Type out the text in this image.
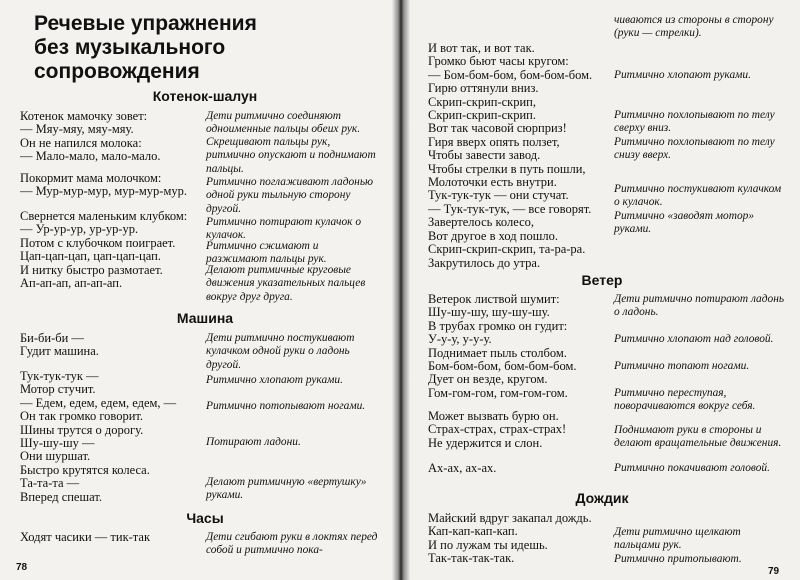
Речевые упражнения
без музыкального
сопровождения
Котенок-шалун
Котенок мамочку зовет:
— Мяу-мяу, мяу-мяу.
Он не напился молока:
— Мало-мало, мало-мало.
Дети ритмично соединяют одноименные пальцы обеих рук.
Скрещивают пальцы рук, ритмично опускают и поднимают пальцы.
Покормит мама молочком:
— Мур-мур-мур, мур-мур-мур.
Ритмично поглаживают ладонью одной руки тыльную сторону другой.
Свернется маленьким клубком:
— Ур-ур-ур, ур-ур-ур.
Потом с клубочком поиграет.
Цап-цап-цап, цап-цап-цап.
И нитку быстро размотает.
Ап-ап-ап, ап-ап-ап.
Ритмично потирают кулачок о кулачок.
Ритмично сжимают и разжимают пальцы рук.
Делают ритмичные круговые движения указательных пальцев вокруг друг друга.
Машина
Би-би-би —
Гудит машина.
Дети ритмично постукивают кулачком одной руки о ладонь другой.
Тук-тук-тук —
Мотор стучит.
— Едем, едем, едем, едем, —
Он так громко говорит.
Шины трутся о дорогу.
Шу-шу-шу —
Они шуршат.
Быстро крутятся колеса.
Та-та-та —
Вперед спешат.
Ритмично хлопают руками.
Ритмично потопывают ногами.
Потирают ладони.
Делают ритмичную «вертушку» руками.
Часы
Ходят часики — тик-так	Дети сгибают руки в локтях перед собой и ритмично пока-
78
чиваются из стороны в сторону (руки — стрелки).
И вот так, и вот так.
Громко бьют часы кругом:
— Бом-бом-бом, бом-бом-бом.
Гирю оттянули вниз.
Скрип-скрип-скрип,
Скрип-скрип-скрип.
Вот так часовой сюрприз!
Гиря вверх опять ползет,
Чтобы завести завод.
Чтобы стрелки в путь пошли,
Молоточки есть внутри.
Тук-тук-тук — они стучат.
— Тук-тук-тук, — все говорят.
Завертелось колесо,
Вот другое в ход пошло.
Скрип-скрип-скрип, та-ра-ра.
Закрутилось до утра.
Ритмично хлопают руками.
Ритмично похлопывают по телу сверху вниз.
Ритмично похлопывают по телу снизу вверх.
Ритмично постукивают кулачком о кулачок.
Ритмично «заводят мотор» руками.
Ветер
Ветерок листвой шумит:
Шу-шу-шу, шу-шу-шу.
В трубах громко он гудит:
У-у-у, у-у-у.
Поднимает пыль столбом.
Бом-бом-бом, бом-бом-бом.
Дует он везде, кругом.
Гом-гом-гом, гом-гом-гом.
Дети ритмично потирают ладонь о ладонь.
Ритмично хлопают над головой.
Ритмично топают ногами.
Ритмично переступая, поворачиваются вокруг себя.
Может вызвать бурю он.
Страх-страх, страх-страх!
Не удержится и слон.
Поднимают руки в стороны и делают вращательные движения.
Ах-ах, ах-ах.	Ритмично покачивают головой.
Дождик
Майский вдруг закапал дождь.
Кап-кап-кап-кап.
И по лужам ты идешь.
Так-так-так-так.
Дети ритмично щелкают пальцами рук.
Ритмично притопывают.
79
